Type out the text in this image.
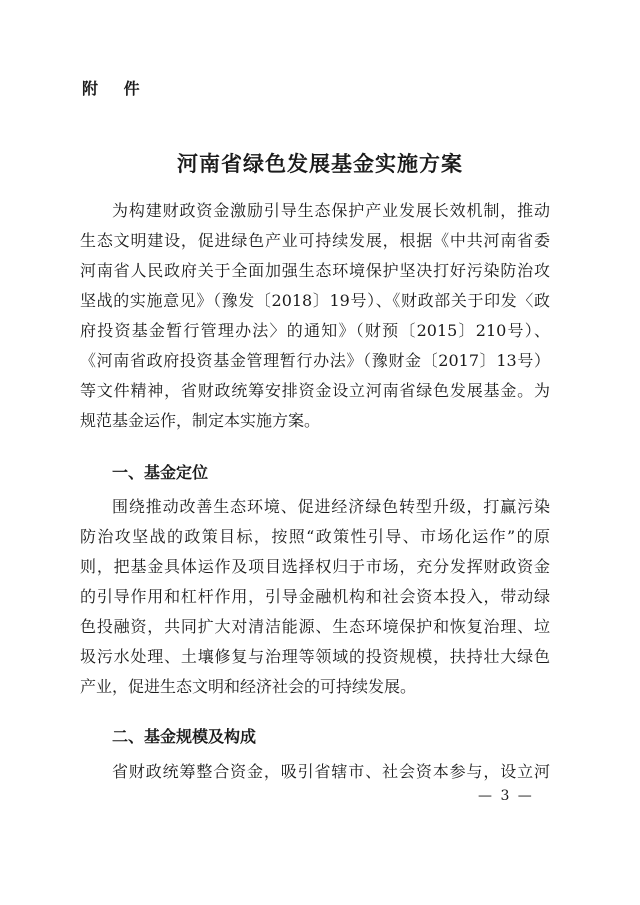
附 件
河南省绿色发展基金实施方案
为构建财政资金激励引导生态保护产业发展长效机制，推动
生态文明建设，促进绿色产业可持续发展，根据《中共河南省委
河南省人民政府关于全面加强生态环境保护坚决打好污染防治攻
坚战的实施意见》（豫发〔2018〕19号）、《财政部关于印发〈政
府投资基金暂行管理办法〉的通知》（财预〔2015〕210号）、
《河南省政府投资基金管理暂行办法》（豫财金〔2017〕13号）
等文件精神，省财政统筹安排资金设立河南省绿色发展基金。为
规范基金运作，制定本实施方案。
一、基金定位
围绕推动改善生态环境、促进经济绿色转型升级，打赢污染
防治攻坚战的政策目标，按照“政策性引导、市场化运作”的原
则，把基金具体运作及项目选择权归于市场，充分发挥财政资金
的引导作用和杠杆作用，引导金融机构和社会资本投入，带动绿
色投融资，共同扩大对清洁能源、生态环境保护和恢复治理、垃
圾污水处理、土壤修复与治理等领域的投资规模，扶持壮大绿色
产业，促进生态文明和经济社会的可持续发展。
二、基金规模及构成
省财政统筹整合资金，吸引省辖市、社会资本参与，设立河
— 3 —
